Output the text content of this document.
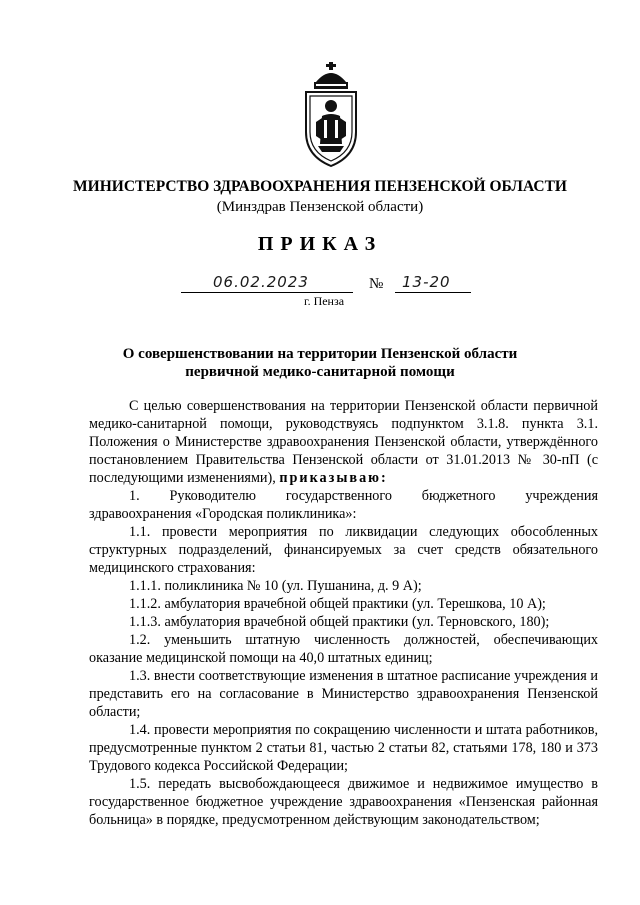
МИНИСТЕРСТВО ЗДРАВООХРАНЕНИЯ ПЕНЗЕНСКОЙ ОБЛАСТИ
(Минздрав Пензенской области)
ПРИКАЗ
06.02.2023	№ 13-20
г. Пенза
О совершенствовании на территории Пензенской области
первичной медико-санитарной помощи

С целью совершенствования на территории Пензенской области первичной медико-санитарной помощи, руководствуясь подпунктом 3.1.8. пункта 3.1. Положения о Министерстве здравоохранения Пензенской области, утверждённого постановлением Правительства Пензенской области от 31.01.2013 № 30-пП (с последующими изменениями), приказываю:

1. Руководителю государственного бюджетного учреждения здравоохранения «Городская поликлиника»:

1.1. провести мероприятия по ликвидации следующих обособленных структурных подразделений, финансируемых за счет средств обязательного медицинского страхования:

1.1.1. поликлиника № 10 (ул. Пушанина, д. 9 А);

1.1.2. амбулатория врачебной общей практики (ул. Терешкова, 10 А);

1.1.3. амбулатория врачебной общей практики (ул. Терновского, 180);

1.2. уменьшить штатную численность должностей, обеспечивающих оказание медицинской помощи на 40,0 штатных единиц;

1.3. внести соответствующие изменения в штатное расписание учреждения и представить его на согласование в Министерство здравоохранения Пензенской области;

1.4. провести мероприятия по сокращению численности и штата работников, предусмотренные пунктом 2 статьи 81, частью 2 статьи 82, статьями 178, 180 и 373 Трудового кодекса Российской Федерации;

1.5. передать высвобождающееся движимое и недвижимое имущество в государственное бюджетное учреждение здравоохранения «Пензенская районная больница» в порядке, предусмотренном действующим законодательством;
